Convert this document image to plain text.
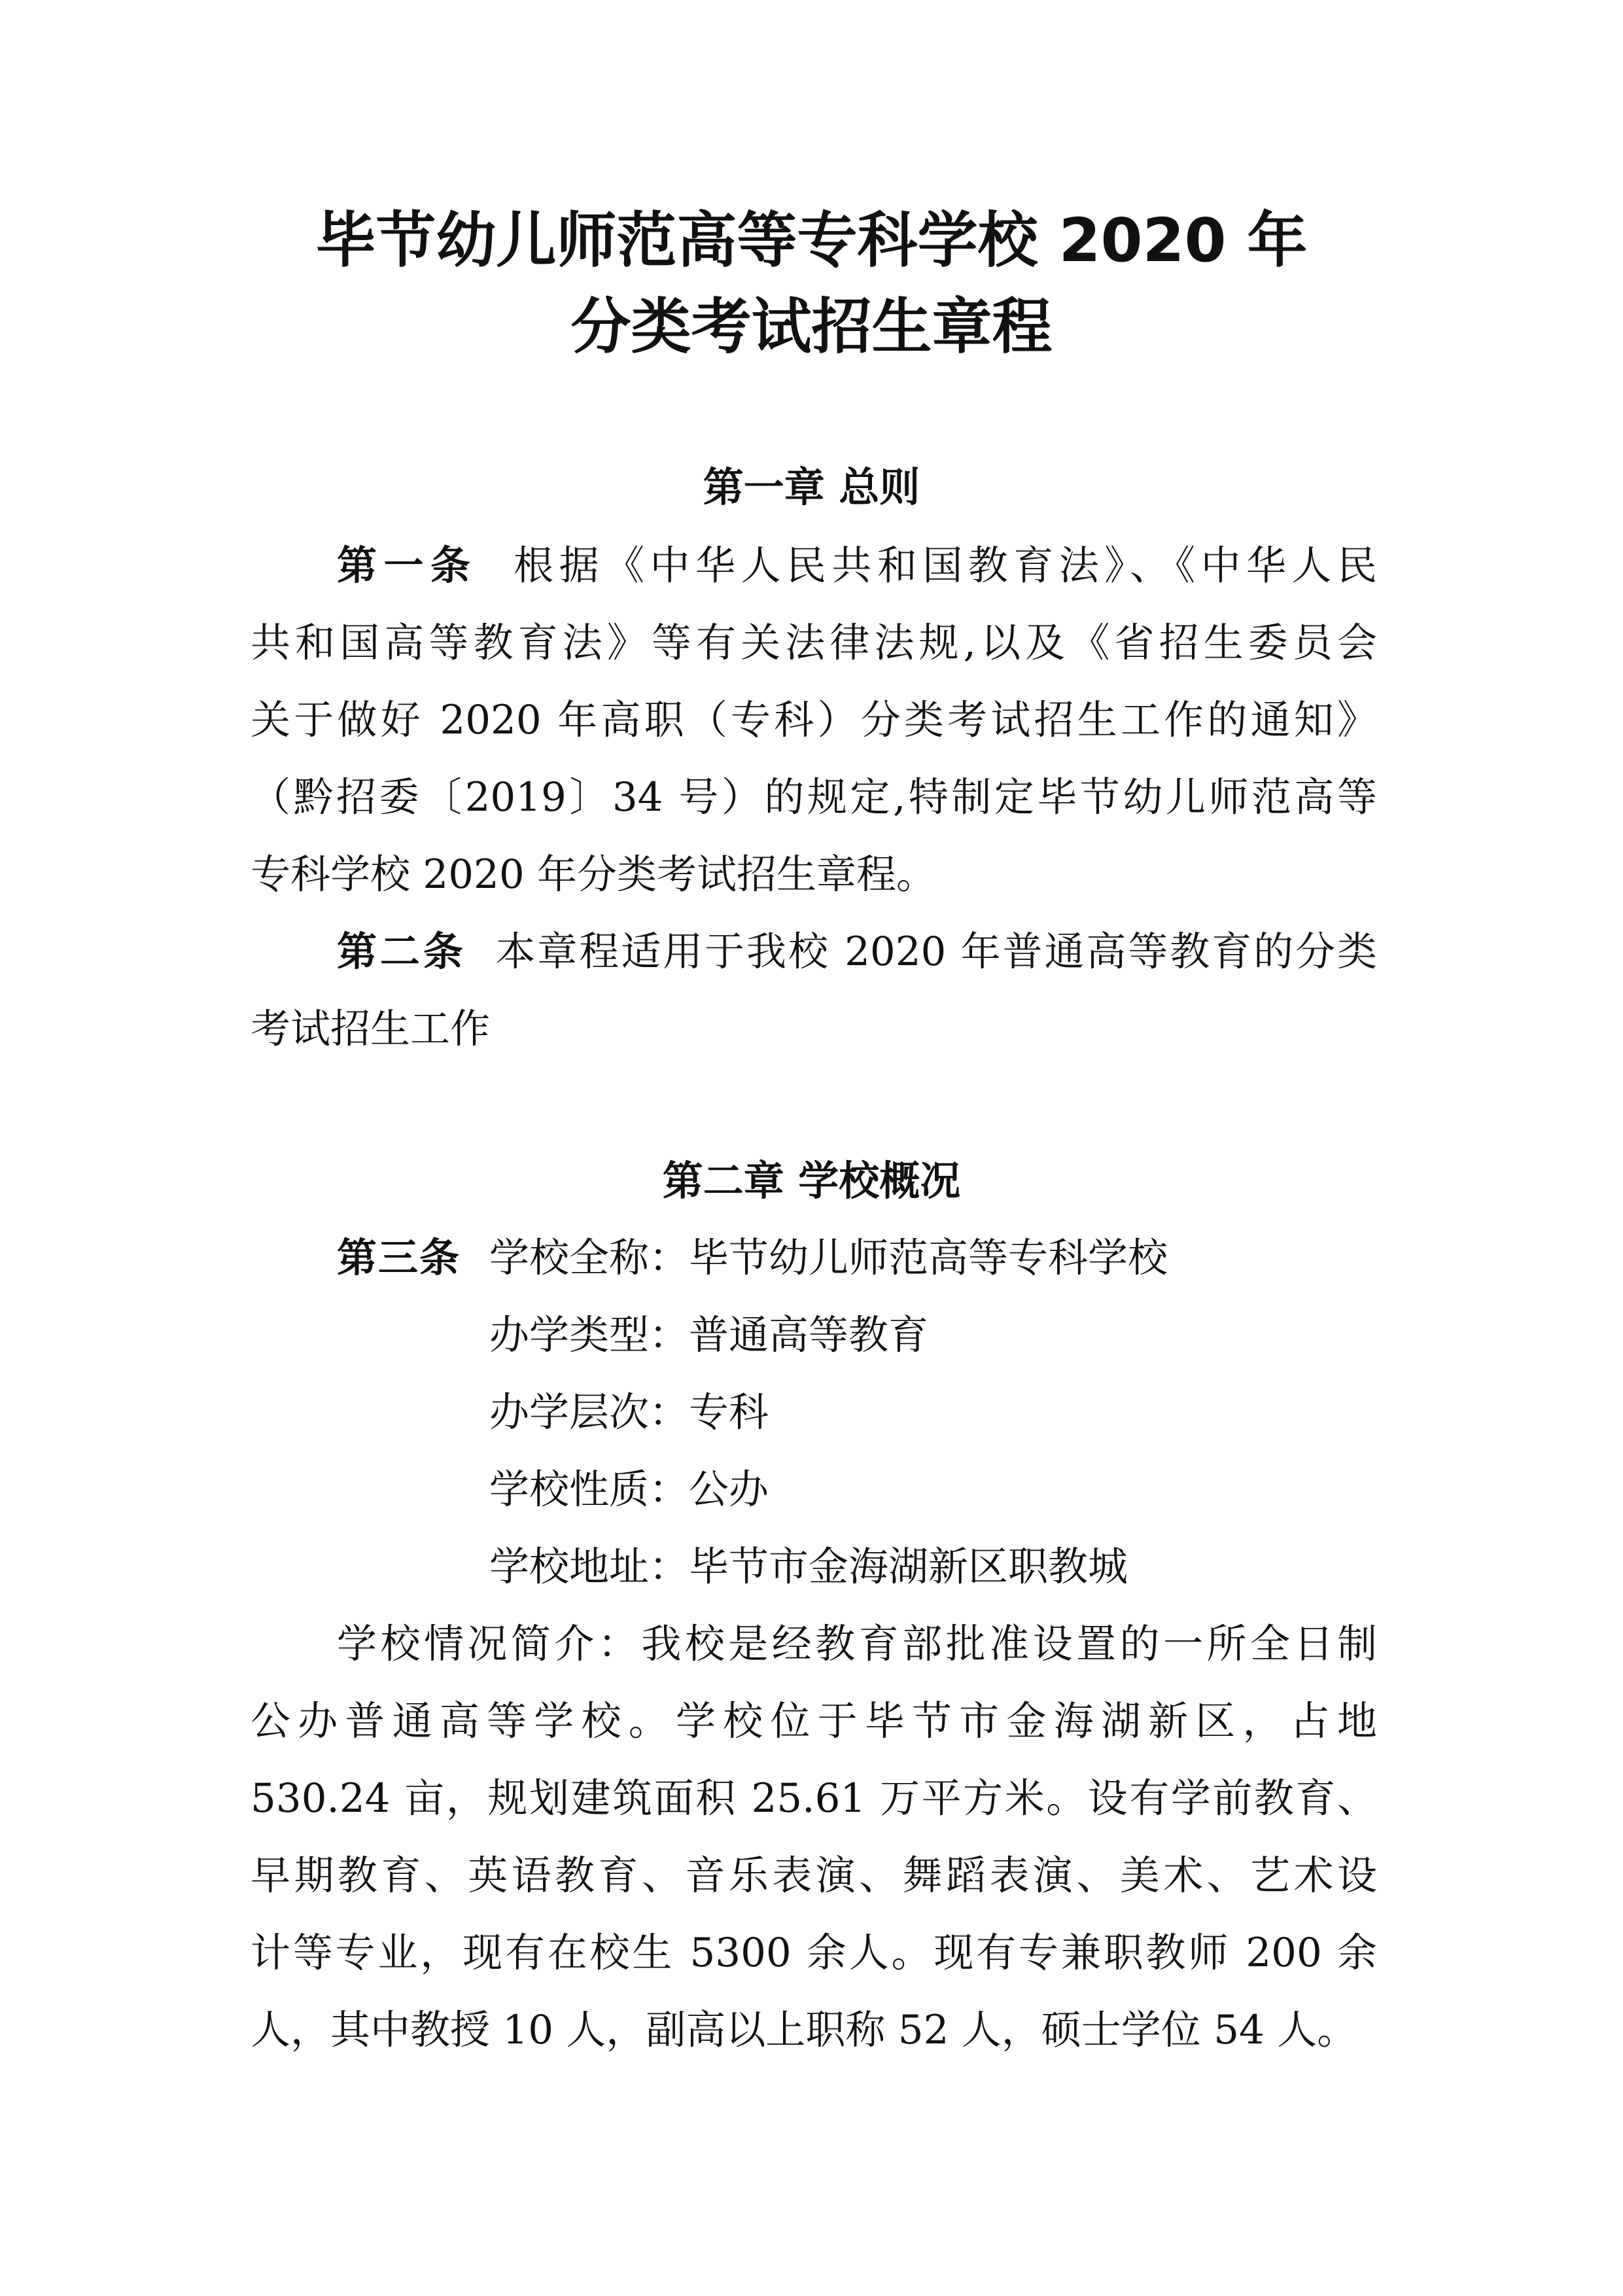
毕节幼儿师范高等专科学校 2020 年
分类考试招生章程
第一章 总则

第一条 根据《中华人民共和国教育法》、《中华人民

共和国高等教育法》等有关法律法规,以及《省招生委员会

关于做好 2020 年高职（专科）分类考试招生工作的通知》

（黔招委〔2019〕34 号）的规定,特制定毕节幼儿师范高等

专科学校 2020 年分类考试招生章程。

第二条 本章程适用于我校 2020 年普通高等教育的分类

考试招生工作

第二章 学校概况

第三条 学校全称：毕节幼儿师范高等专科学校

办学类型：普通高等教育

办学层次：专科

学校性质：公办

学校地址：毕节市金海湖新区职教城

学校情况简介：我校是经教育部批准设置的一所全日制

公办普通高等学校。学校位于毕节市金海湖新区，占地

530.24 亩，规划建筑面积 25.61 万平方米。设有学前教育、

早期教育、英语教育、音乐表演、舞蹈表演、美术、艺术设

计等专业，现有在校生 5300 余人。现有专兼职教师 200 余

人，其中教授 10 人，副高以上职称 52 人，硕士学位 54 人。
